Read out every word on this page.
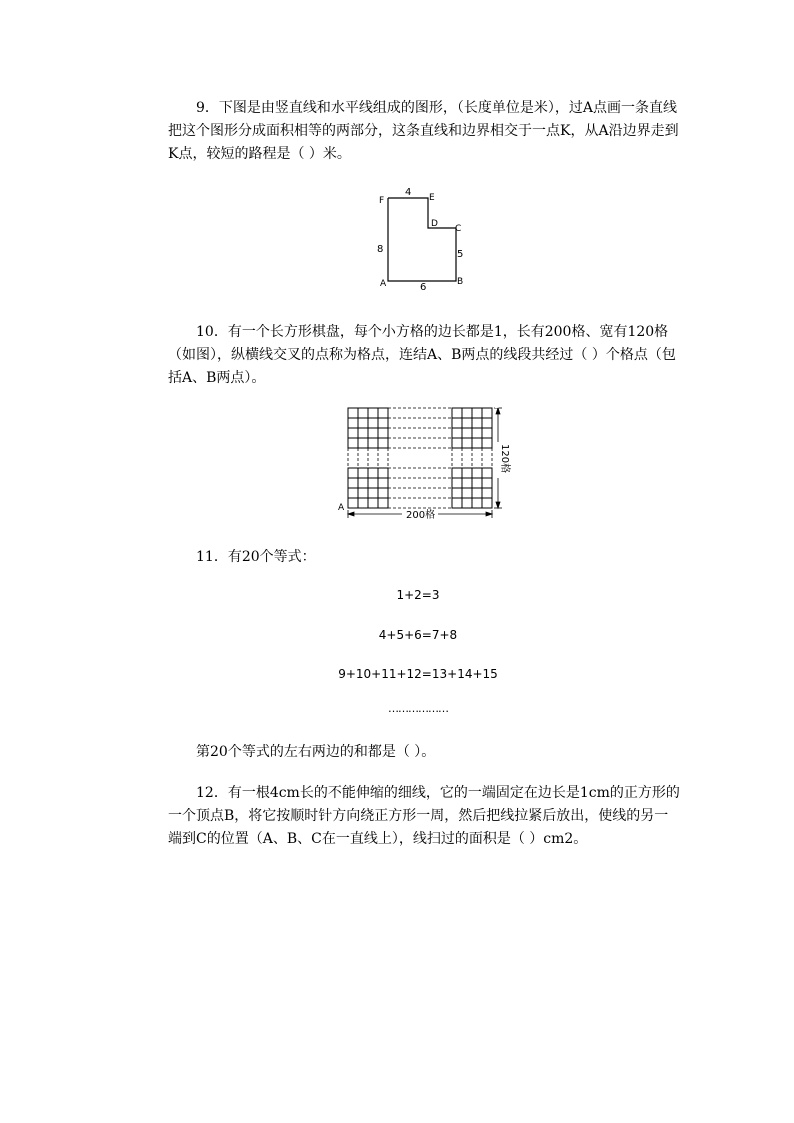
9．下图是由竖直线和水平线组成的图形，（长度单位是米），过A点画一条直线把这个图形分成面积相等的两部分，这条直线和边界相交于一点K，从A沿边界走到K点，较短的路程是（ ）米。

F	E
D C
A	B
4
8	5
6

10．有一个长方形棋盘，每个小方格的边长都是1，长有200格、宽有120格（如图），纵横线交叉的点称为格点，连结A、B两点的线段共经过（ ）个格点（包括A、B两点）。

A
B
200格
120格

11．有20个等式：

1+2=3
4+5+6=7+8
9+10+11+12=13+14+15
………………

第20个等式的左右两边的和都是（ ）。

12．有一根4cm长的不能伸缩的细线，它的一端固定在边长是1cm的正方形的一个顶点B，将它按顺时针方向绕正方形一周，然后把线拉紧后放出，使线的另一端到C的位置（A、B、C在一直线上），线扫过的面积是（ ）cm2。
